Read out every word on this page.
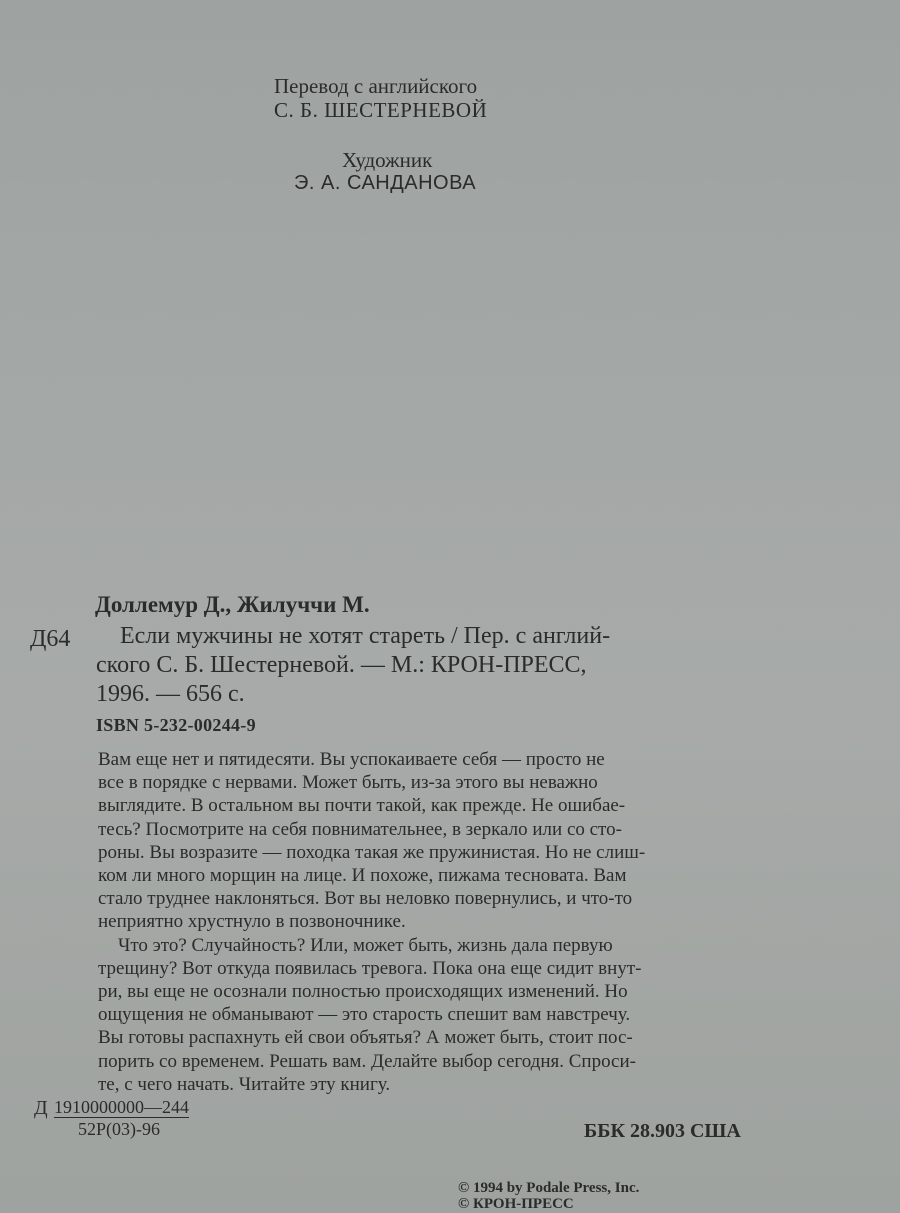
Перевод с английского
С. Б. ШЕСТЕРНЕВОЙ
Художник
Э. А. САНДАНОВА
Доллемур Д., Жилуччи М.
Д64	Если мужчины не хотят стареть / Пер. с англий-
ского С. Б. Шестерневой. — М.: КРОН-ПРЕСС,
1996. — 656 с.
ISBN 5-232-00244-9
Вам еще нет и пятидесяти. Вы успокаиваете себя — просто не
все в порядке с нервами. Может быть, из-за этого вы неважно
выглядите. В остальном вы почти такой, как прежде. Не ошибае-
тесь? Посмотрите на себя повнимательнее, в зеркало или со сто-
роны. Вы возразите — походка такая же пружинистая. Но не слиш-
ком ли много морщин на лице. И похоже, пижама тесновата. Вам
стало труднее наклоняться. Вот вы неловко повернулись, и что-то
неприятно хрустнуло в позвоночнике.
Что это? Случайность? Или, может быть, жизнь дала первую
трещину? Вот откуда появилась тревога. Пока она еще сидит внут-
ри, вы еще не осознали полностью происходящих изменений. Но
ощущения не обманывают — это старость спешит вам навстречу.
Вы готовы распахнуть ей свои объятья? А может быть, стоит пос-
порить со временем. Решать вам. Делайте выбор сегодня. Спроси-
те, с чего начать. Читайте эту книгу.
Д 1910000000—244
52Р(03)-96	ББК 28.903 США
© 1994 by Podale Press, Inc.
© КРОН-ПРЕСС
